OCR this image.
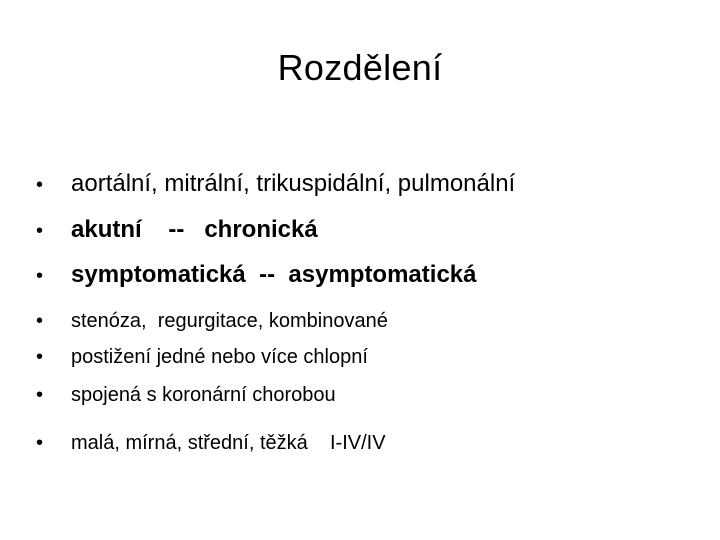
Rozdělení
•	aortální, mitrální, trikuspidální, pulmonální
•	akutní    --   chronická
•	symptomatická  --  asymptomatická
•	stenóza,  regurgitace, kombinované
•	postižení jedné nebo více chlopní
•	spojená s koronární chorobou
•	malá, mírná, střední, těžká    I-IV/IV
